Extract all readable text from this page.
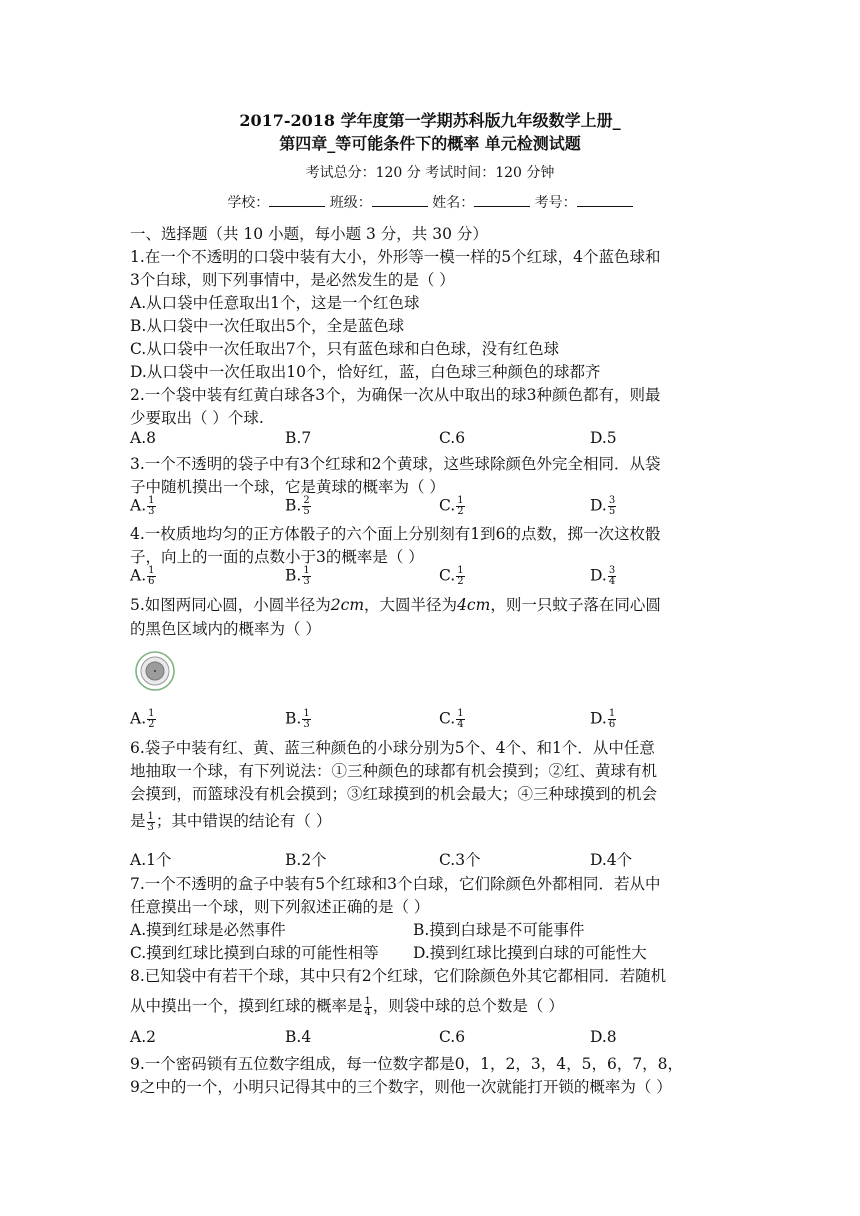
2017-2018 学年度第一学期苏科版九年级数学上册_
第四章_等可能条件下的概率 单元检测试题
考试总分：120 分 考试时间：120 分钟
学校：	班级：	姓名：	考号：
一、选择题（共 10 小题，每小题 3 分，共 30 分）
1.在一个不透明的口袋中装有大小，外形等一模一样的5个红球，4个蓝色球和
3个白球，则下列事情中，是必然发生的是（ ）
A.从口袋中任意取出1个，这是一个红色球
B.从口袋中一次任取出5个，全是蓝色球
C.从口袋中一次任取出7个，只有蓝色球和白色球，没有红色球
D.从口袋中一次任取出10个，恰好红，蓝，白色球三种颜色的球都齐
2.一个袋中装有红黄白球各3个，为确保一次从中取出的球3种颜色都有，则最
少要取出（ ）个球.
A.8	B.7	C.6	D.5
3.一个不透明的袋子中有3个红球和2个黄球，这些球除颜色外完全相同．从袋
子中随机摸出一个球，它是黄球的概率为（ ）
A. $\frac{1}{3}$	B. $\frac{2}{5}$	C. $\frac{1}{2}$	D. $\frac{3}{5}$
4.一枚质地均匀的正方体骰子的六个面上分别刻有1到6的点数，掷一次这枚骰
子，向上的一面的点数小于3的概率是（ ）
A. $\frac{1}{6}$	B. $\frac{1}{3}$	C. $\frac{1}{2}$	D. $\frac{3}{4}$
5.如图两同心圆，小圆半径为2cm，大圆半径为4cm，则一只蚊子落在同心圆
的黑色区域内的概率为（ ）
A. $\frac{1}{2}$	B. $\frac{1}{3}$	C. $\frac{1}{4}$	D. $\frac{1}{6}$
6.袋子中装有红、黄、蓝三种颜色的小球分别为5个、4个、和1个．从中任意
地抽取一个球，有下列说法：①三种颜色的球都有机会摸到；②红、黄球有机
会摸到，而篮球没有机会摸到；③红球摸到的机会最大；④三种球摸到的机会
是 $\frac{1}{3}$ ；其中错误的结论有（ ）
A.1个	B.2个	C.3个	D.4个
7.一个不透明的盒子中装有5个红球和3个白球，它们除颜色外都相同．若从中
任意摸出一个球，则下列叙述正确的是（ ）
A.摸到红球是必然事件	B.摸到白球是不可能事件
C.摸到红球比摸到白球的可能性相等 D.摸到红球比摸到白球的可能性大
8.已知袋中有若干个球，其中只有2个红球，它们除颜色外其它都相同．若随机
从中摸出一个，摸到红球的概率是 $\frac{1}{4}$ ，则袋中球的总个数是（ ）
A.2	B.4	C.6	D.8
9.一个密码锁有五位数字组成，每一位数字都是0，1，2，3，4，5，6，7，8，
9之中的一个，小明只记得其中的三个数字，则他一次就能打开锁的概率为（ ）
